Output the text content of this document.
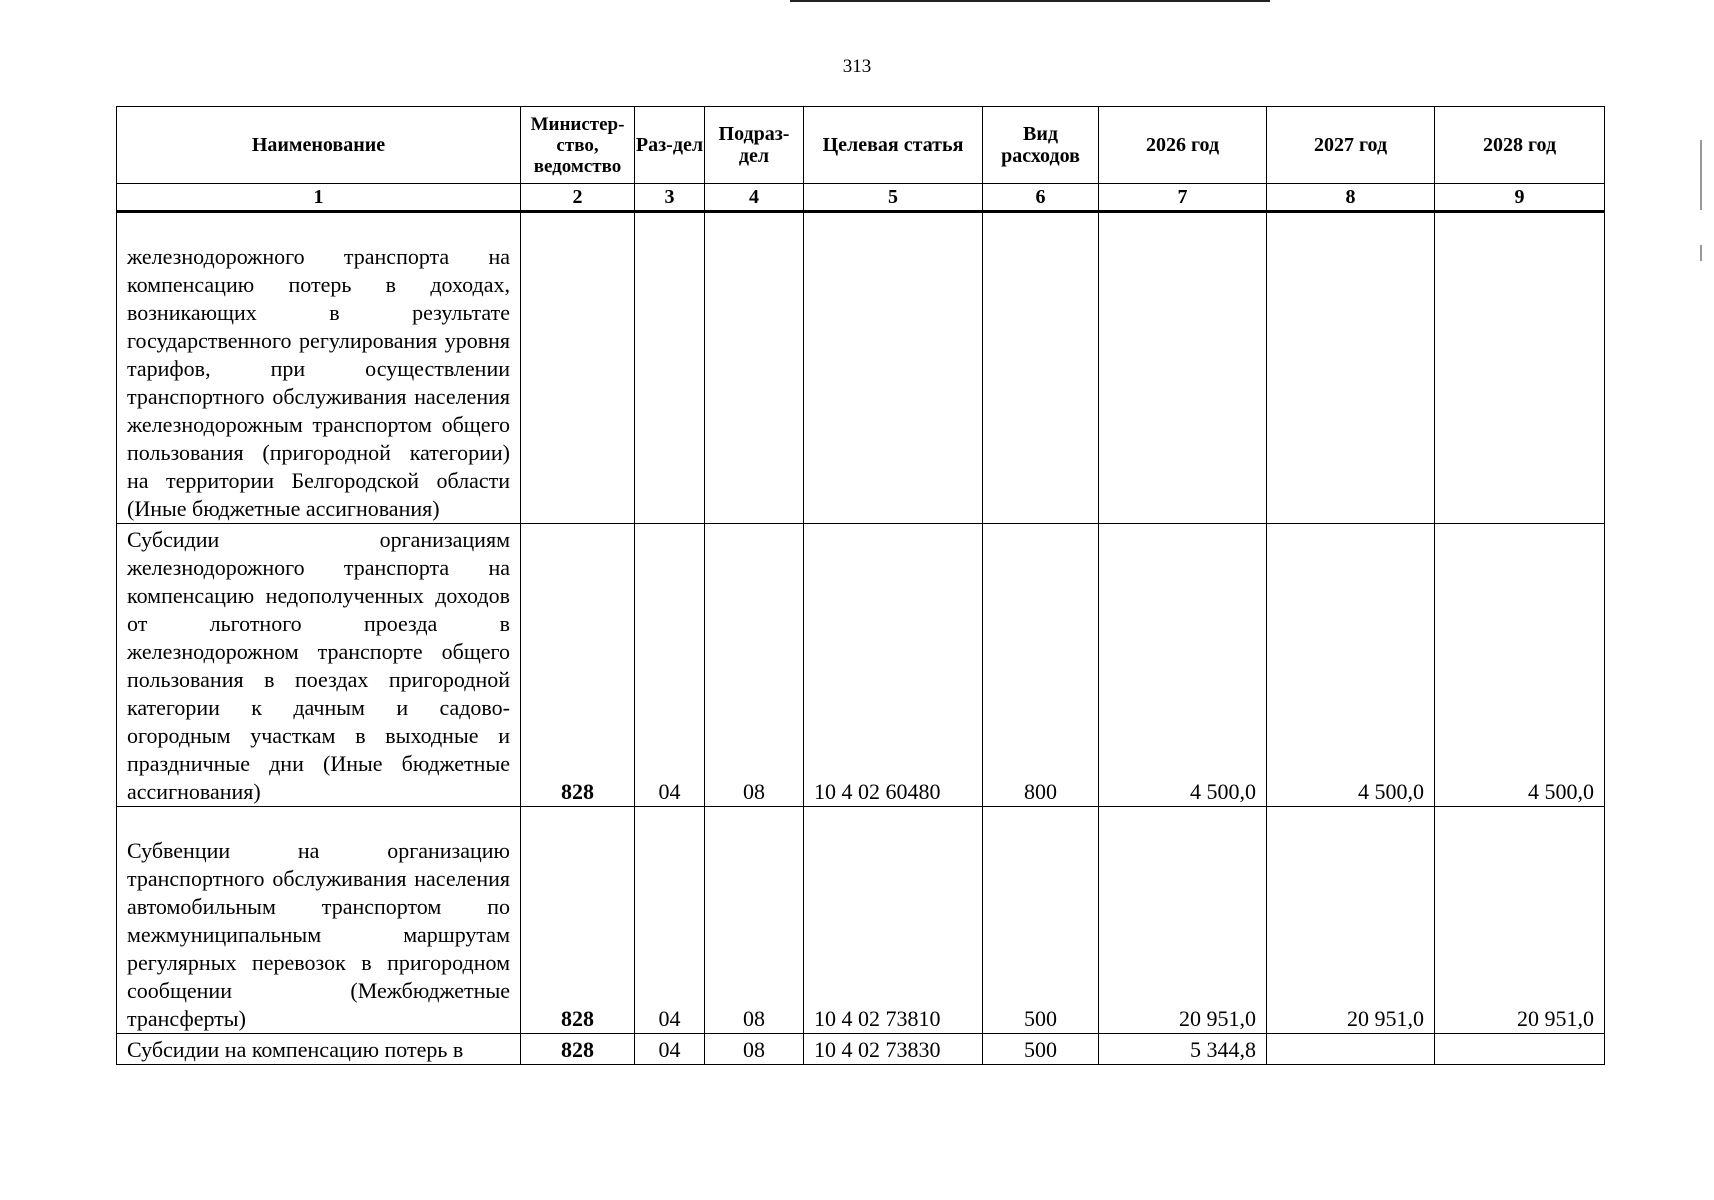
313
Наименование	Министер-ство, ведомство	Раз-дел	Подраз-дел	Целевая статья	Вид расходов	2026 год	2027 год	2028 год
1	2	3	4	5	6	7	8	9

железнодорожного транспорта на компенсацию потерь в доходах, возникающих в результате государственного регулирования уровня тарифов, при осуществлении транспортного обслуживания населения железнодорожным транспортом общего пользования (пригородной категории) на территории Белгородской области (Иные бюджетные ассигнования)								

Субсидии организациям железнодорожного транспорта на компенсацию недополученных доходов от льготного проезда в железнодорожном транспорте общего пользования в поездах пригородной категории к дачным и садово-огородным участкам в выходные и праздничные дни (Иные бюджетные ассигнования)	828	04	08	10 4 02 60480	800	4 500,0	4 500,0	4 500,0

Субвенции на организацию транспортного обслуживания населения автомобильным транспортом по межмуниципальным маршрутам регулярных перевозок в пригородном сообщении (Межбюджетные трансферты)	828	04	08	10 4 02 73810	500	20 951,0	20 951,0	20 951,0

Субсидии на компенсацию потерь в	828	04	08	10 4 02 73830	500	5 344,8		
